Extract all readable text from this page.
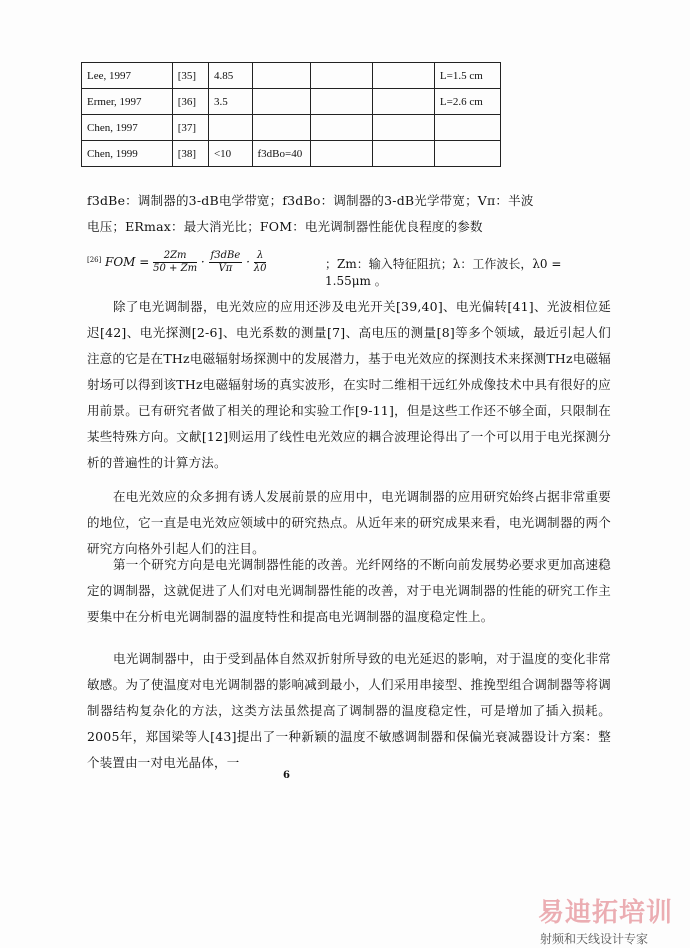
Lee, 1997	[35]	4.85				L=1.5 cm
Ermer, 1997	[36]	3.5				L=2.6 cm
Chen, 1997	[37]					
Chen, 1999	[38]	<10	f3dBo=40			
f3dBe：调制器的3-dB电学带宽；f3dBo：调制器的3-dB光学带宽；Vπ：半波
电压；ERmax：最大消光比；FOM：电光调制器性能优良程度的参数
[26] FOM = $\frac{2Zm}{50 + Zm} \cdot \frac{\text{f3dBe}}{V\pi} \cdot \frac{\lambda}{\lambda 0}$	；Zm：输入特征阻抗；λ：工作波长，λ0 = 1.55μm 。
除了电光调制器，电光效应的应用还涉及电光开关[39,40]、电光偏转[41]、光波相位延迟[42]、电光探测[2-6]、电光系数的测量[7]、高电压的测量[8]等多个领域，最近引起人们注意的它是在THz电磁辐射场探测中的发展潜力，基于电光效应的探测技术来探测THz电磁辐射场可以得到该THz电磁辐射场的真实波形，在实时二维相干远红外成像技术中具有很好的应用前景。已有研究者做了相关的理论和实验工作[9-11]，但是这些工作还不够全面，只限制在某些特殊方向。文献[12]则运用了线性电光效应的耦合波理论得出了一个可以用于电光探测分析的普遍性的计算方法。
在电光效应的众多拥有诱人发展前景的应用中，电光调制器的应用研究始终占据非常重要的地位，它一直是电光效应领域中的研究热点。从近年来的研究成果来看，电光调制器的两个研究方向格外引起人们的注目。
第一个研究方向是电光调制器性能的改善。光纤网络的不断向前发展势必要求更加高速稳定的调制器，这就促进了人们对电光调制器性能的改善，对于电光调制器的性能的研究工作主要集中在分析电光调制器的温度特性和提高电光调制器的温度稳定性上。
电光调制器中，由于受到晶体自然双折射所导致的电光延迟的影响，对于温度的变化非常敏感。为了使温度对电光调制器的影响减到最小，人们采用串接型、推挽型组合调制器等将调制器结构复杂化的方法，这类方法虽然提高了调制器的温度稳定性，可是增加了插入损耗。2005年，郑国梁等人[43]提出了一种新颖的温度不敏感调制器和保偏光衰减器设计方案：整个装置由一对电光晶体，一
6
易迪拓培训
射频和天线设计专家
